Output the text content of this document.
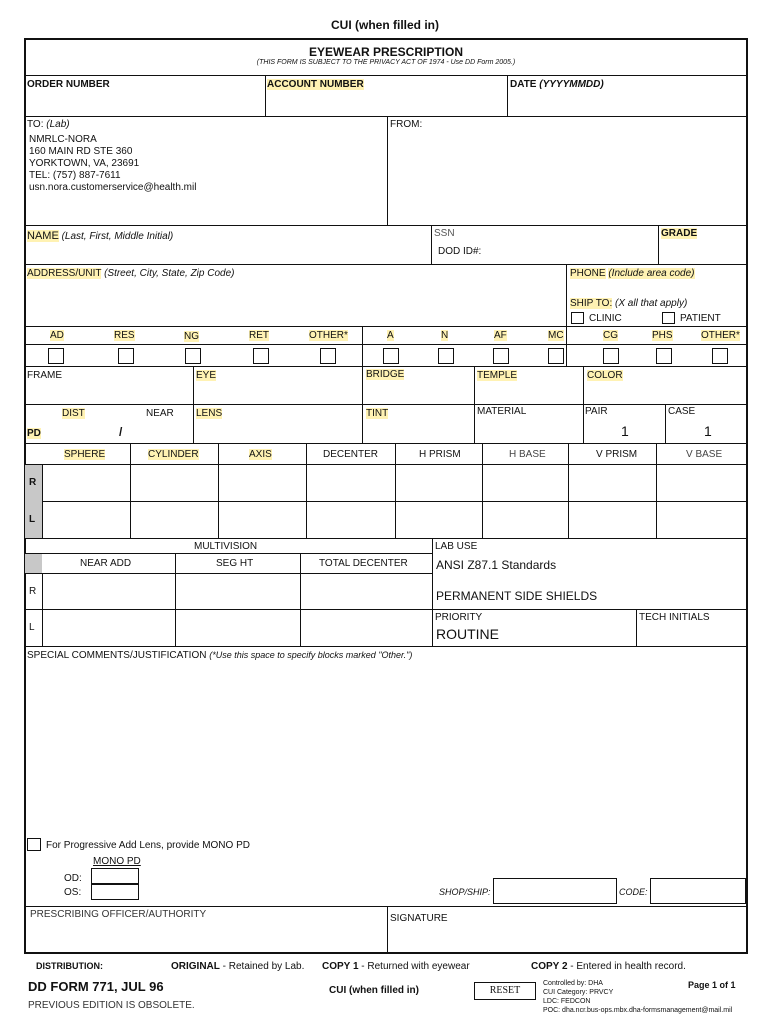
CUI (when filled in)
EYEWEAR PRESCRIPTION
(THIS FORM IS SUBJECT TO THE PRIVACY ACT OF 1974 - Use DD Form 2005.)
ORDER NUMBER	ACCOUNT NUMBER	DATE (YYYYMMDD)
TO: (Lab)
NMRLC-NORA
160 MAIN RD STE 360
YORKTOWN, VA, 23691
TEL: (757) 887-7611
usn.nora.customerservice@health.mil
FROM:
NAME (Last, First, Middle Initial)	SSN
DOD ID#:
GRADE
ADDRESS/UNIT (Street, City, State, Zip Code)	PHONE (Include area code)
SHIP TO: (X all that apply)
CLINIC	PATIENT
AD	RES	NG	RET	OTHER*	A	N	AF	MC	CG	PHS	OTHER*
FRAME	EYE	BRIDGE	TEMPLE	COLOR
DIST	NEAR
PD	/
LENS	TINT	MATERIAL	PAIR
1
CASE
1
SPHERE	CYLINDER	AXIS	DECENTER	H PRISM	H BASE	V PRISM	V BASE
R
L
MULTIVISION
NEAR ADD	SEG HT	TOTAL DECENTER
R
L
LAB USE
ANSI Z87.1 Standards
PERMANENT SIDE SHIELDS
PRIORITY
ROUTINE
TECH INITIALS
SPECIAL COMMENTS/JUSTIFICATION (*Use this space to specify blocks marked "Other.")
For Progressive Add Lens, provide MONO PD
MONO PD
OD:
OS:	SHOP/SHIP:	CODE:
PRESCRIBING OFFICER/AUTHORITY	SIGNATURE
DISTRIBUTION:	ORIGINAL - Retained by Lab. COPY 1 - Returned with eyewear	COPY 2 - Entered in health record.
DD FORM 771, JUL 96
PREVIOUS EDITION IS OBSOLETE.
CUI (when filled in)	RESET
Controlled by: DHA
CUI Category: PRVCY
LDC: FEDCON
POC: dha.ncr.bus-ops.mbx.dha-formsmanagement@mail.mil
Page 1 of 1
